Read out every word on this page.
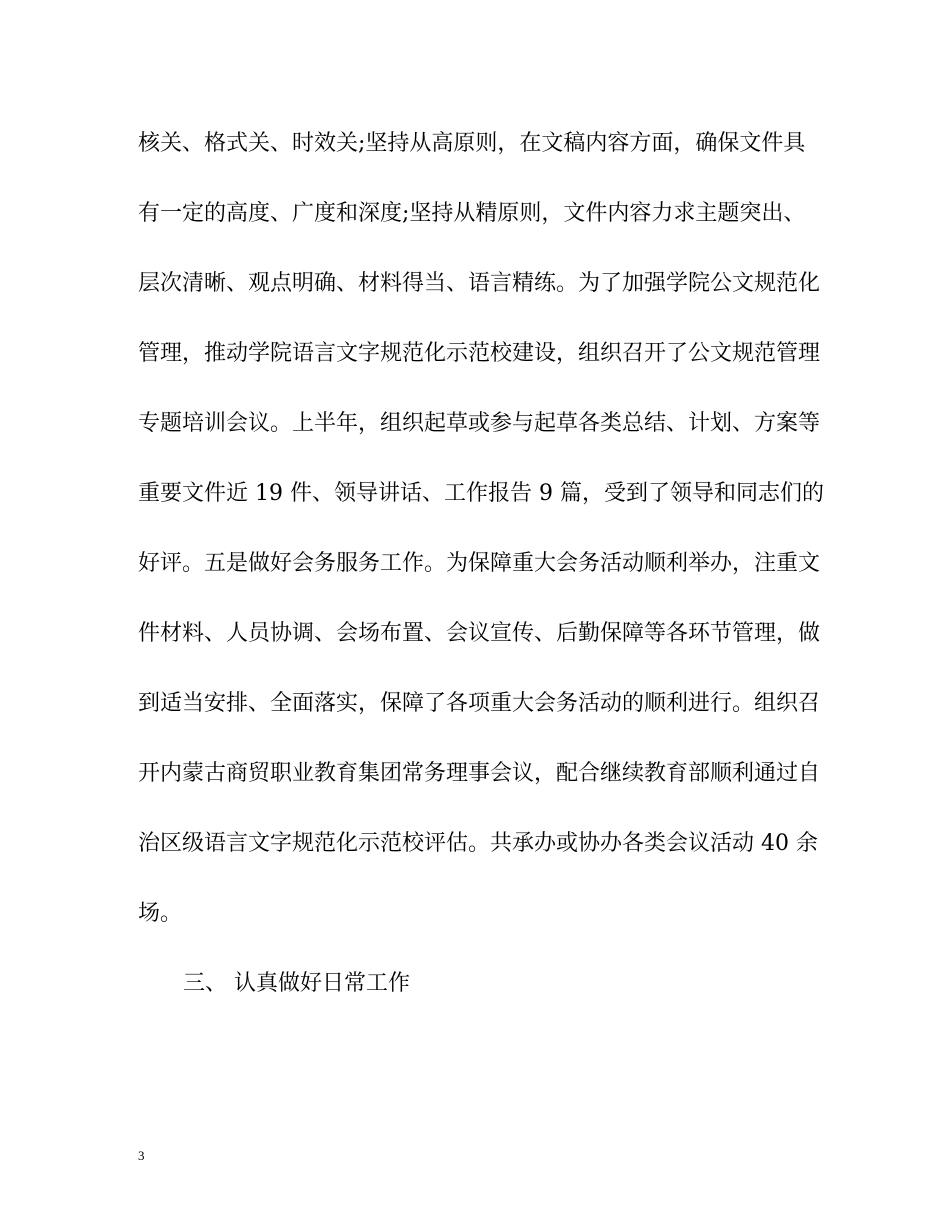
核关、格式关、时效关;坚持从高原则，在文稿内容方面，确保文件具
有一定的高度、广度和深度;坚持从精原则，文件内容力求主题突出、
层次清晰、观点明确、材料得当、语言精练。为了加强学院公文规范化
管理，推动学院语言文字规范化示范校建设，组织召开了公文规范管理
专题培训会议。上半年，组织起草或参与起草各类总结、计划、方案等
重要文件近 19 件、领导讲话、工作报告 9 篇，受到了领导和同志们的
好评。五是做好会务服务工作。为保障重大会务活动顺利举办，注重文
件材料、人员协调、会场布置、会议宣传、后勤保障等各环节管理，做
到适当安排、全面落实，保障了各项重大会务活动的顺利进行。组织召
开内蒙古商贸职业教育集团常务理事会议，配合继续教育部顺利通过自
治区级语言文字规范化示范校评估。共承办或协办各类会议活动 40 余
场。
三、 认真做好日常工作
3
